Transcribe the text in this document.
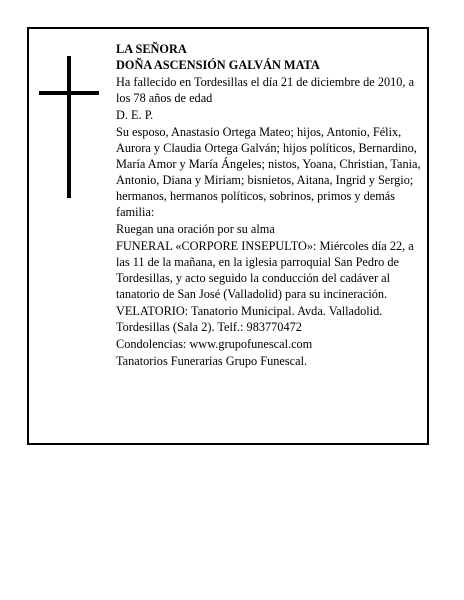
LA SEÑORA

DOÑA ASCENSIÓN GALVÁN MATA

Ha fallecido en Tordesillas el día 21 de diciembre de 2010, a los 78 años de edad

D. E. P.

Su esposo, Anastasio Ortega Mateo; hijos, Antonio, Félix, Aurora y Claudia Ortega Galván; hijos políticos, Bernardino, María Amor y María Ángeles; nistos, Yoana, Christian, Tania, Antonio, Diana y Miriam; bisnietos, Aitana, Ingrid y Sergio; hermanos, hermanos políticos, sobrinos, primos y demás familia:

Ruegan una oración por su alma

FUNERAL «CORPORE INSEPULTO»: Miércoles día 22, a las 11 de la mañana, en la iglesia parroquial San Pedro de Tordesillas, y acto seguido la conducción del cadáver al tanatorio de San José (Valladolid) para su incineración.

VELATORIO: Tanatorio Municipal. Avda. Valladolid. Tordesillas (Sala 2). Telf.: 983770472

Condolencias: www.grupofunescal.com

Tanatorios Funerarias Grupo Funescal.
